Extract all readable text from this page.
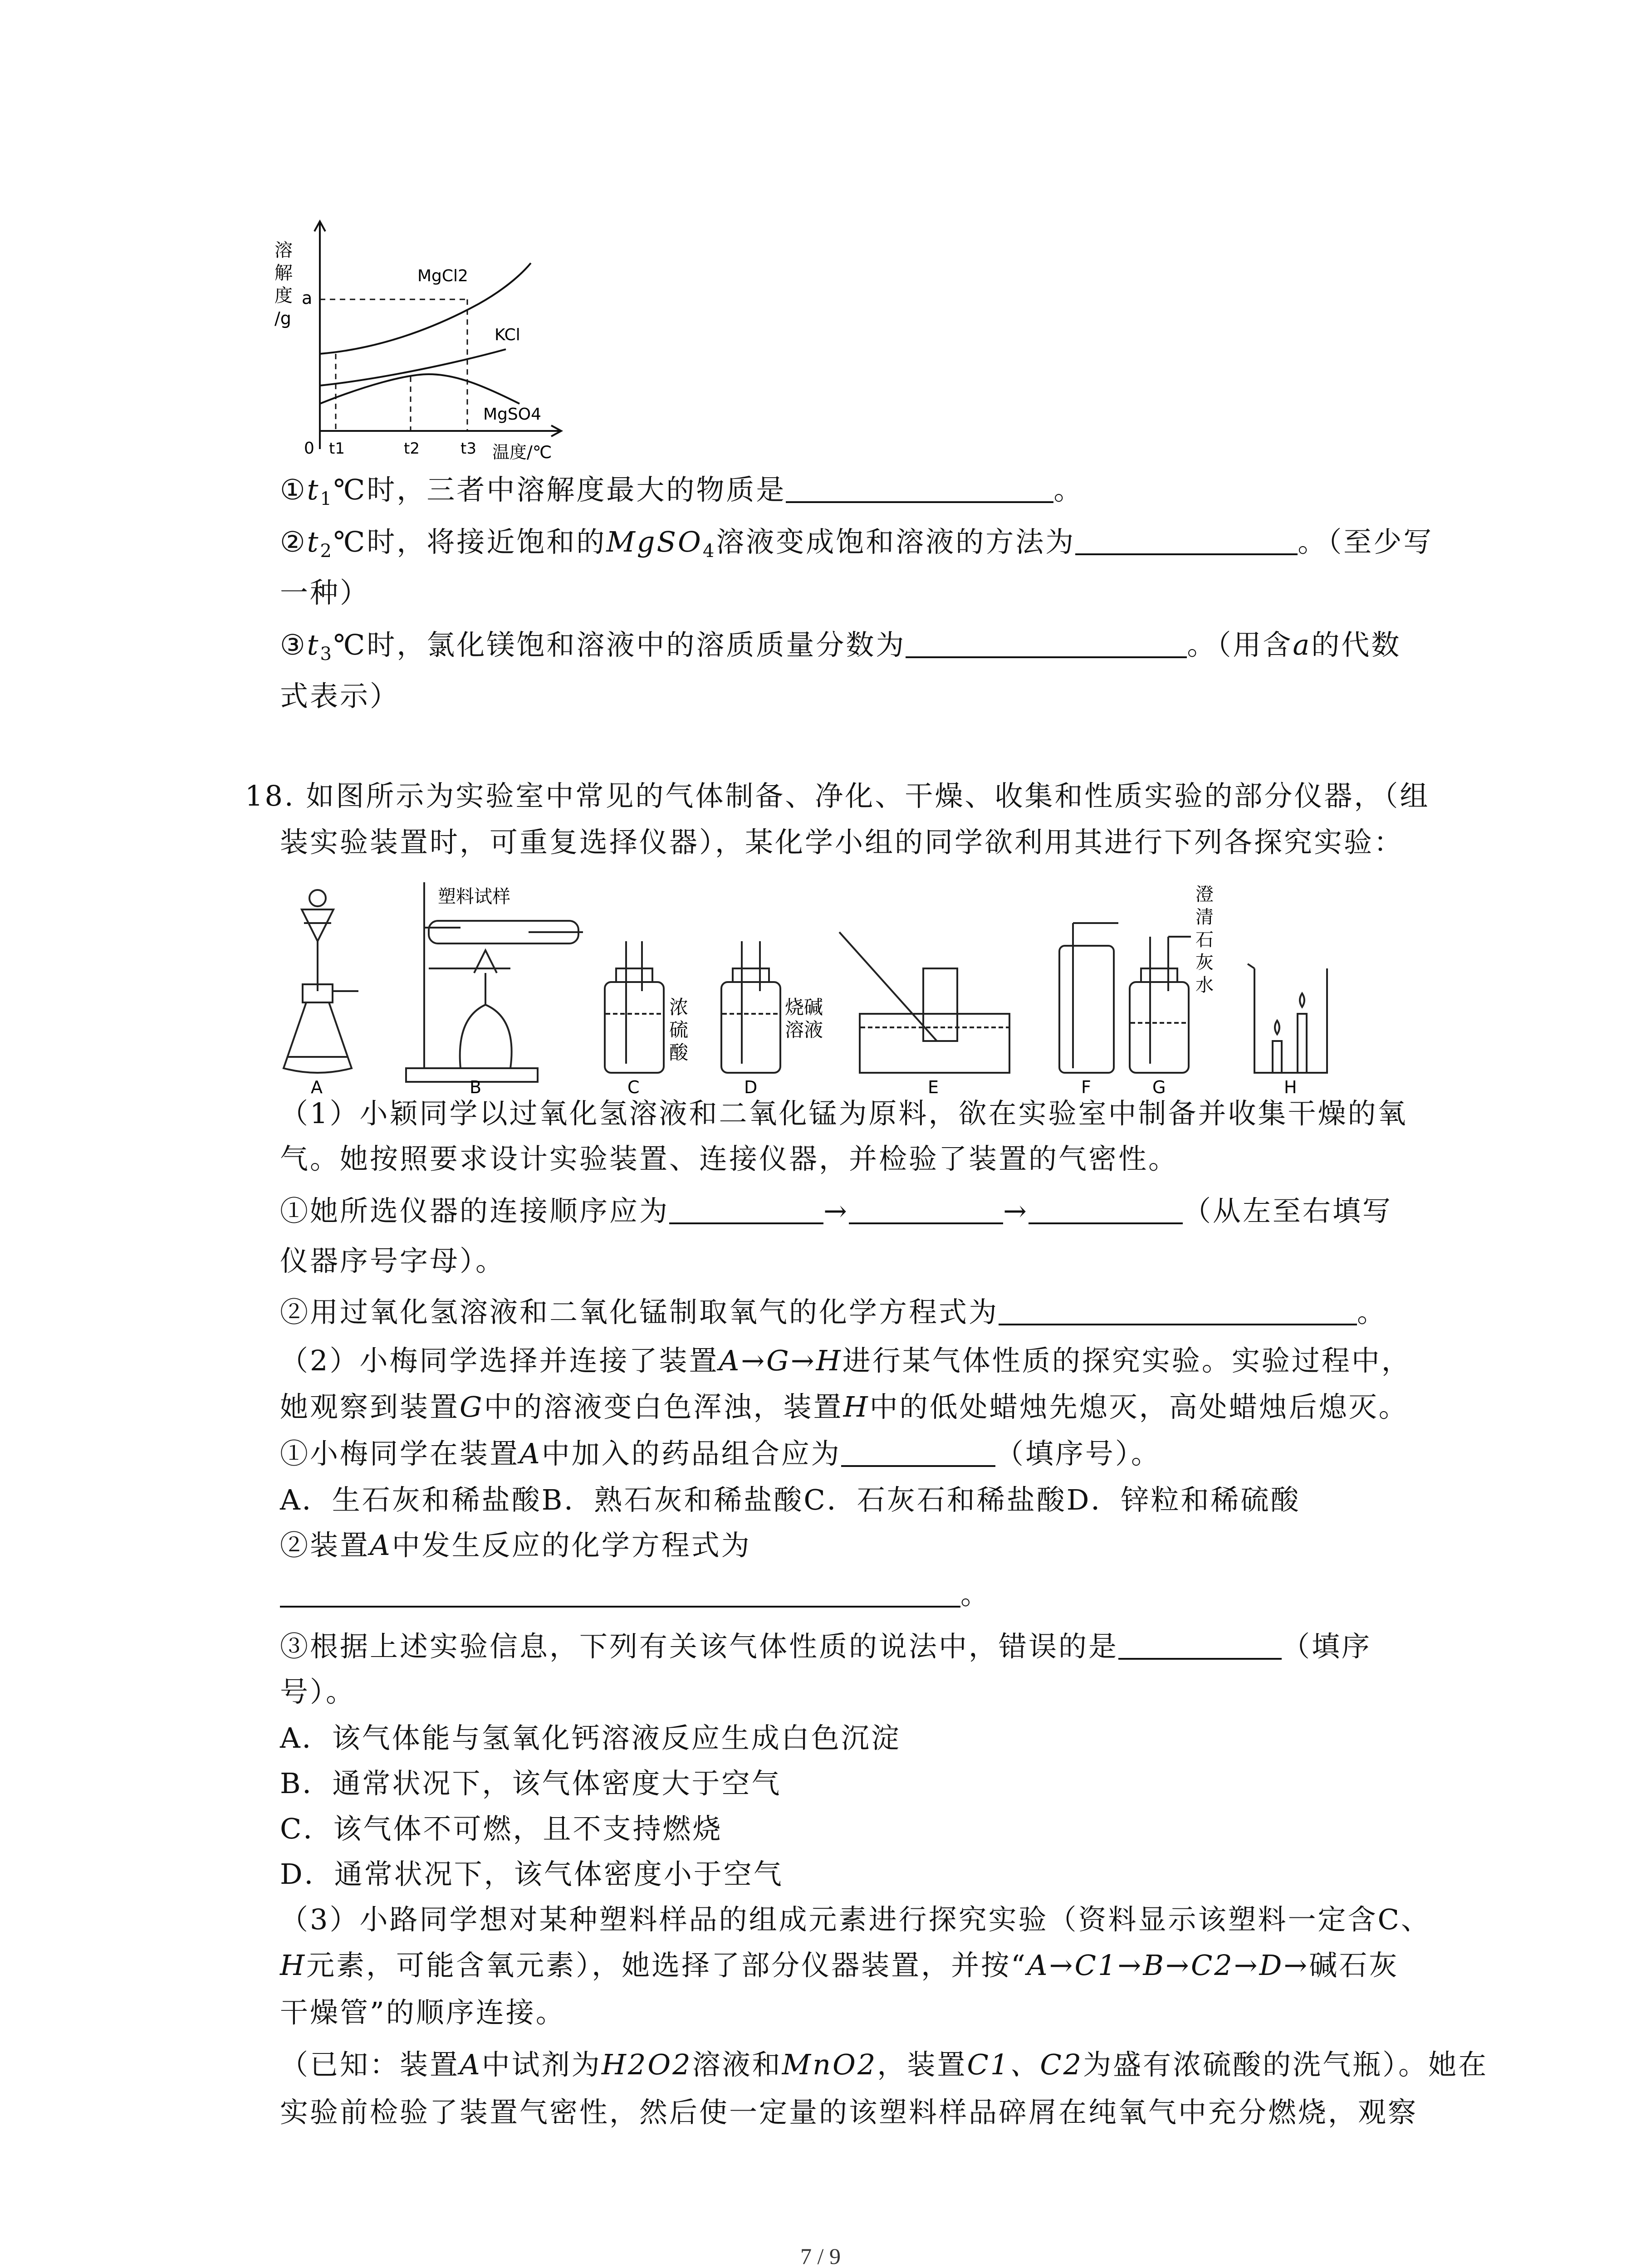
溶
解
度
/g
a
0 t1	t2	t3 温度/℃
MgCl2
KCl
MgSO4
$①t_1℃$时，三者中溶解度最大的物质是	。
$②t_2℃$时，将接近饱和的MgSO$_4$溶液变成饱和溶液的方法为	。（至少写
一种）
$③t_3℃$时，氯化镁饱和溶液中的溶质质量分数为	。（用含a的代数
式表示）
18. 如图所示为实验室中常见的气体制备、净化、干燥、收集和性质实验的部分仪器，（组
装实验装置时，可重复选择仪器），某化学小组的同学欲利用其进行下列各探究实验：
塑料试样
浓
硫
酸
烧碱
溶液
澄
清
石
灰
水
A	B	C	D	E	F	G	H
（1）小颖同学以过氧化氢溶液和二氧化锰为原料，欲在实验室中制备并收集干燥的氧
气。她按照要求设计实验装置、连接仪器，并检验了装置的气密性。
①她所选仪器的连接顺序应为	→	→	（从左至右填写
仪器序号字母）。
②用过氧化氢溶液和二氧化锰制取氧气的化学方程式为	。
（2）小梅同学选择并连接了装置A→G→H进行某气体性质的探究实验。实验过程中，
她观察到装置G中的溶液变白色浑浊，装置H中的低处蜡烛先熄灭，高处蜡烛后熄灭。
①小梅同学在装置A中加入的药品组合应为	（填序号）。
A．生石灰和稀盐酸B．熟石灰和稀盐酸C．石灰石和稀盐酸D．锌粒和稀硫酸
②装置A中发生反应的化学方程式为
。
③根据上述实验信息，下列有关该气体性质的说法中，错误的是	（填序
号）。
A．该气体能与氢氧化钙溶液反应生成白色沉淀
B．通常状况下，该气体密度大于空气
C．该气体不可燃，且不支持燃烧
D．通常状况下，该气体密度小于空气
（3）小路同学想对某种塑料样品的组成元素进行探究实验（资料显示该塑料一定含C、
H元素，可能含氧元素），她选择了部分仪器装置，并按“A→C1→B→C2→D→碱石灰
干燥管”的顺序连接。
（已知：装置A中试剂为H2O2溶液和MnO2，装置C1、C2为盛有浓硫酸的洗气瓶）。她在
实验前检验了装置气密性，然后使一定量的该塑料样品碎屑在纯氧气中充分燃烧，观察
7 / 9
